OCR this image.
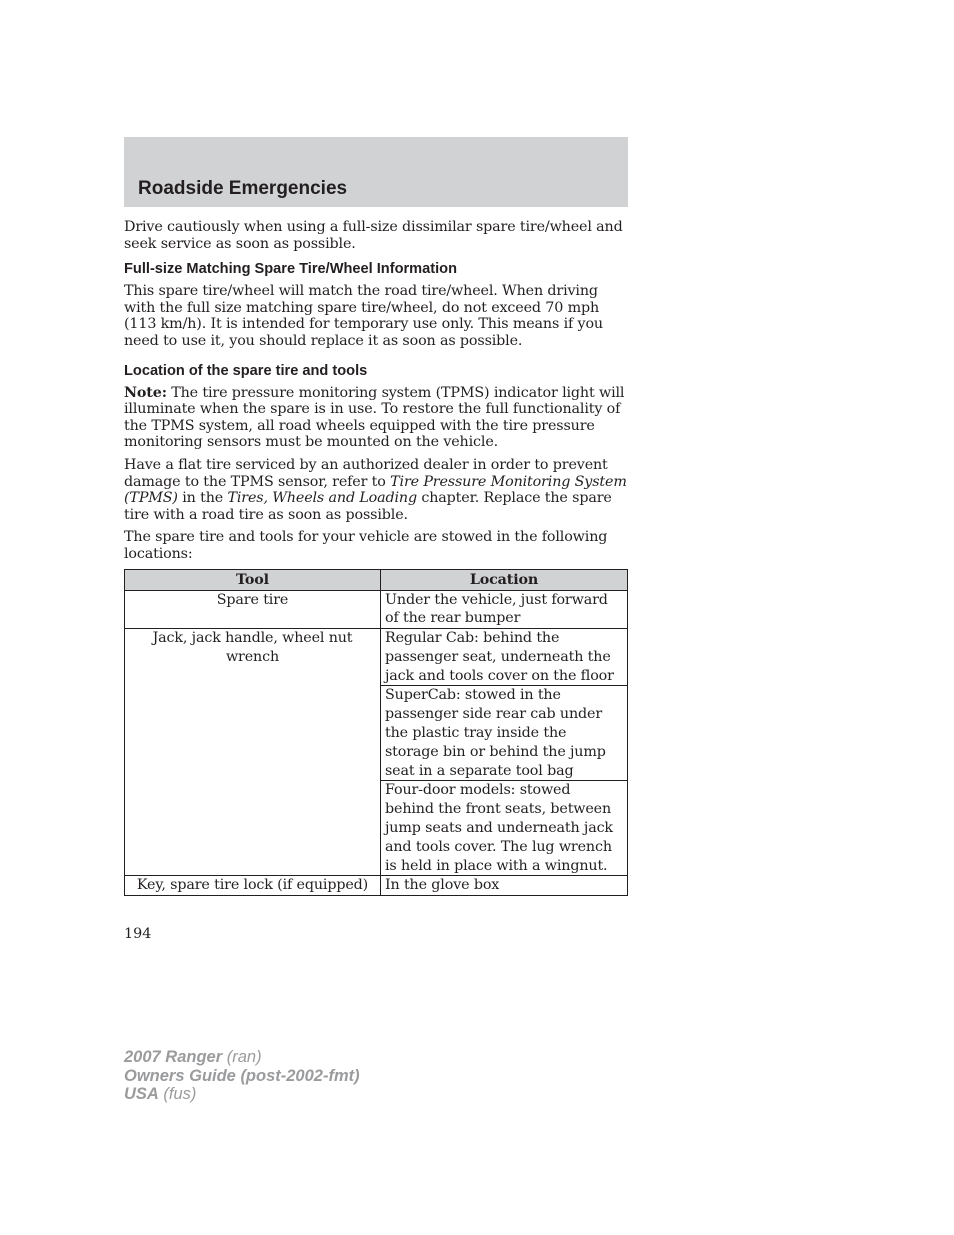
Roadside Emergencies

Drive cautiously when using a full-size dissimilar spare tire/wheel and seek service as soon as possible.

Full-size Matching Spare Tire/Wheel Information

This spare tire/wheel will match the road tire/wheel. When driving with the full size matching spare tire/wheel, do not exceed 70 mph (113 km/h). It is intended for temporary use only. This means if you need to use it, you should replace it as soon as possible.

Location of the spare tire and tools

Note: The tire pressure monitoring system (TPMS) indicator light will illuminate when the spare is in use. To restore the full functionality of the TPMS system, all road wheels equipped with the tire pressure monitoring sensors must be mounted on the vehicle.

Have a flat tire serviced by an authorized dealer in order to prevent damage to the TPMS sensor, refer to Tire Pressure Monitoring System (TPMS) in the Tires, Wheels and Loading chapter. Replace the spare tire with a road tire as soon as possible.

The spare tire and tools for your vehicle are stowed in the following locations:

Tool	Location
Spare tire	Under the vehicle, just forward of the rear bumper
Jack, jack handle, wheel nut wrench	Regular Cab: behind the passenger seat, underneath the jack and tools cover on the floor
	SuperCab: stowed in the passenger side rear cab under the plastic tray inside the storage bin or behind the jump seat in a separate tool bag
	Four-door models: stowed behind the front seats, between jump seats and underneath jack and tools cover. The lug wrench is held in place with a wingnut.
Key, spare tire lock (if equipped)	In the glove box
194
2007 Ranger (ran)
Owners Guide (post-2002-fmt)
USA (fus)
